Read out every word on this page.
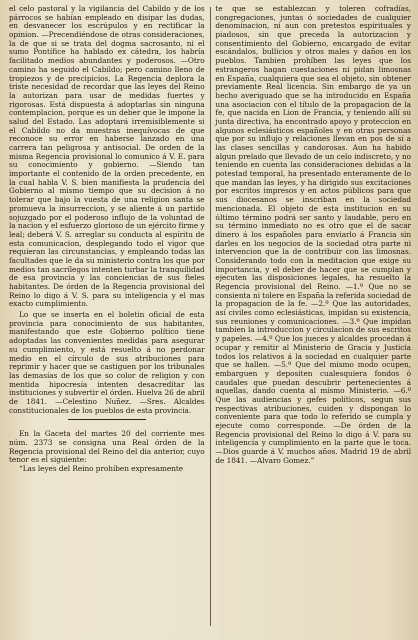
el celo pastoral y la vigilancia del Cabildo y de los párrocos se habían empleado en disipar las dudas, en desvanecer los escrúpulos y en rectificar la opinion. —Precendiéndose de otras consideraciones, la de que si se trata del dogma sacrosanto, ni el sumo Pontífice ha hablado ex cátedra, los habría facilitado medios abundantes y poderosos. —Otro camino ha seguido el Cabildo; pero camino lleno de tropiezos y de precipicios. La Regencia deplora la triste necesidad de recordar que las leyes del Reino la autorizan para usar de medidas fuertes y rigorosas. Está dispuesta á adoptarlas sin ninguna contemplacion, porque es un deber que le impone la salud del Estado. Las adoptará irremisiblemente si el Cabildo no da muestras inequívocas de que reconoce su error en haberse lanzado en una carrera tan peligrosa y antisocial. De orden de la misma Regencia provisional lo comunico á V. E. para su conocimiento y gobierno. —Siendo tan importante el contenido de la orden precedente, en la cual habla V. S. bien manifiesta la prudencia del Gobierno al mismo tiempo que su decision á no tolerar que bajo la vuesta de una religion santa se promueva la insurreccion, y se aliente á un partido sojuzgado por el poderoso influjo de la voluntad de la nacion y el esfuerzo glorioso de un ejército firme y leal; deberá V. S. arreglar su conducta al espíritu de esta comunicacion, desplegando todo el vigor que requieran las circunstancias, y empleando todas las facultades que le da su ministerio contra los que por medios tan sacrílegos intenten turbar la tranquilidad de esa provincia y las conciencias de sus fieles habitantes. De órden de la Regencia provisional del Reino lo digo á V. S. para su inteligencia y el mas exacto cumplimiento.

Lo que se inserta en el boletin oficial de esta provincia para conocimiento de sus habitantes, manifestando que este Gobierno político tiene adoptadas las convenientes medidas para asegurar su cumplimiento, y está resuelto á no perdonar medio en el círculo de sus atribuciones para reprimir y hacer que se castiguen por los tribunales las demasías de los que so color de religion y con mentida hipocresía intenten desacreditar las instituciones y subvertir el órden. Huelva 26 de abril de 1841. —Celestino Nuñez. —Sres. Alcaldes constitucionales de los pueblos de esta provincia.

En la Gaceta del martes 20 del corriente mes núm. 2373 se consigna una Real órden de la Regencia provisional del Reino del dia anterior, cuyo tenor es el siguiente:

“Las leyes del Reino prohíben expresamente

te que se establezcan y toleren cofradías, congregaciones, juntas ó sociedades de cualquier denominacion, ni aun con pretestos espirituales y piadosos, sin que preceda la autorizacion y consentimiento del Gobierno, encargado de evitar escándalos, bullicios y otros males y daños en los pueblos. Tambien prohíben las leyes que los estrangeros hagan cuestaciones ni pidan limosnas en España, cualquiera que sea el objeto, sin obtener previamente Real licencia. Sin embargo de ya un hecho averiguado que se ha introducido en España una asociacion con el título de la propagacion de la fe, que nacida en Lion de Francia, y teniendo allí su junta directiva, ha encontrado apoyo y proteccion en algunos eclesiásticos españoles y en otras personas que por su influjo y relaciones llevan en pos de sí a las clases sencillas y candorosas. Aun ha habido algun prelado que llevado de un celo indiscreto, y no teniendo en cuenta las consideraciones debidas a la potestad temporal, ha presentado enteramente de lo que mandan las leyes, y ha dirigido sus excitaciones por escritos impresos y en actos públicos para que sus diocesanos se inscriban en la sociedad mencionada. El objeto de esta institucion en su último término podrá ser santo y laudable, pero en su término inmediato no es otro que el de sacar dinero á los españoles para enviarlo á Francia sin darles en los negocios de la sociedad otra parte ni intervencion que la de contribuir con las limosnas. Considerando todo con la meditacion que exige su importancia, y el deber de hacer que se cumplan y ejecuten las disposiciones legales, ha resuelto la Regencia provisional del Reino. —1.º Que no se consienta ni tolere en España la referida sociedad de la propagacion de la fe. —2.º Que las autoridades, así civiles como eclesiásticas, impidan su existencia, sus reuniones y comunicaciones. —3.º Que impidan tambien la introduccion y circulacion de sus escritos y papeles. —4.º Que los jueces y alcaldes procedan á ocupar y remitir al Ministerio de Gracia y Justicia todos los relativos á la sociedad en cualquier parte que se hallen. —5.º Que del mismo modo ocupen, embarguen y depositen cualesquiera fondos ó caudales que puedan descubrir pertenecientes á aquellas, dando cuenta al mismo Ministerio. —6.º Que las audiencias y gefes políticos, segun sus respectivas atribuciones, cuiden y dispongan lo conveniente para que todo lo referido se cumpla y ejecute como corresponde. —De órden de la Regencia provisional del Reino lo digo á V. para su inteligencia y cumplimiento en la parte que le toca. —Dios guarde á V. muchos años. Madrid 19 de abril de 1841. —Alvaro Gomez.”
